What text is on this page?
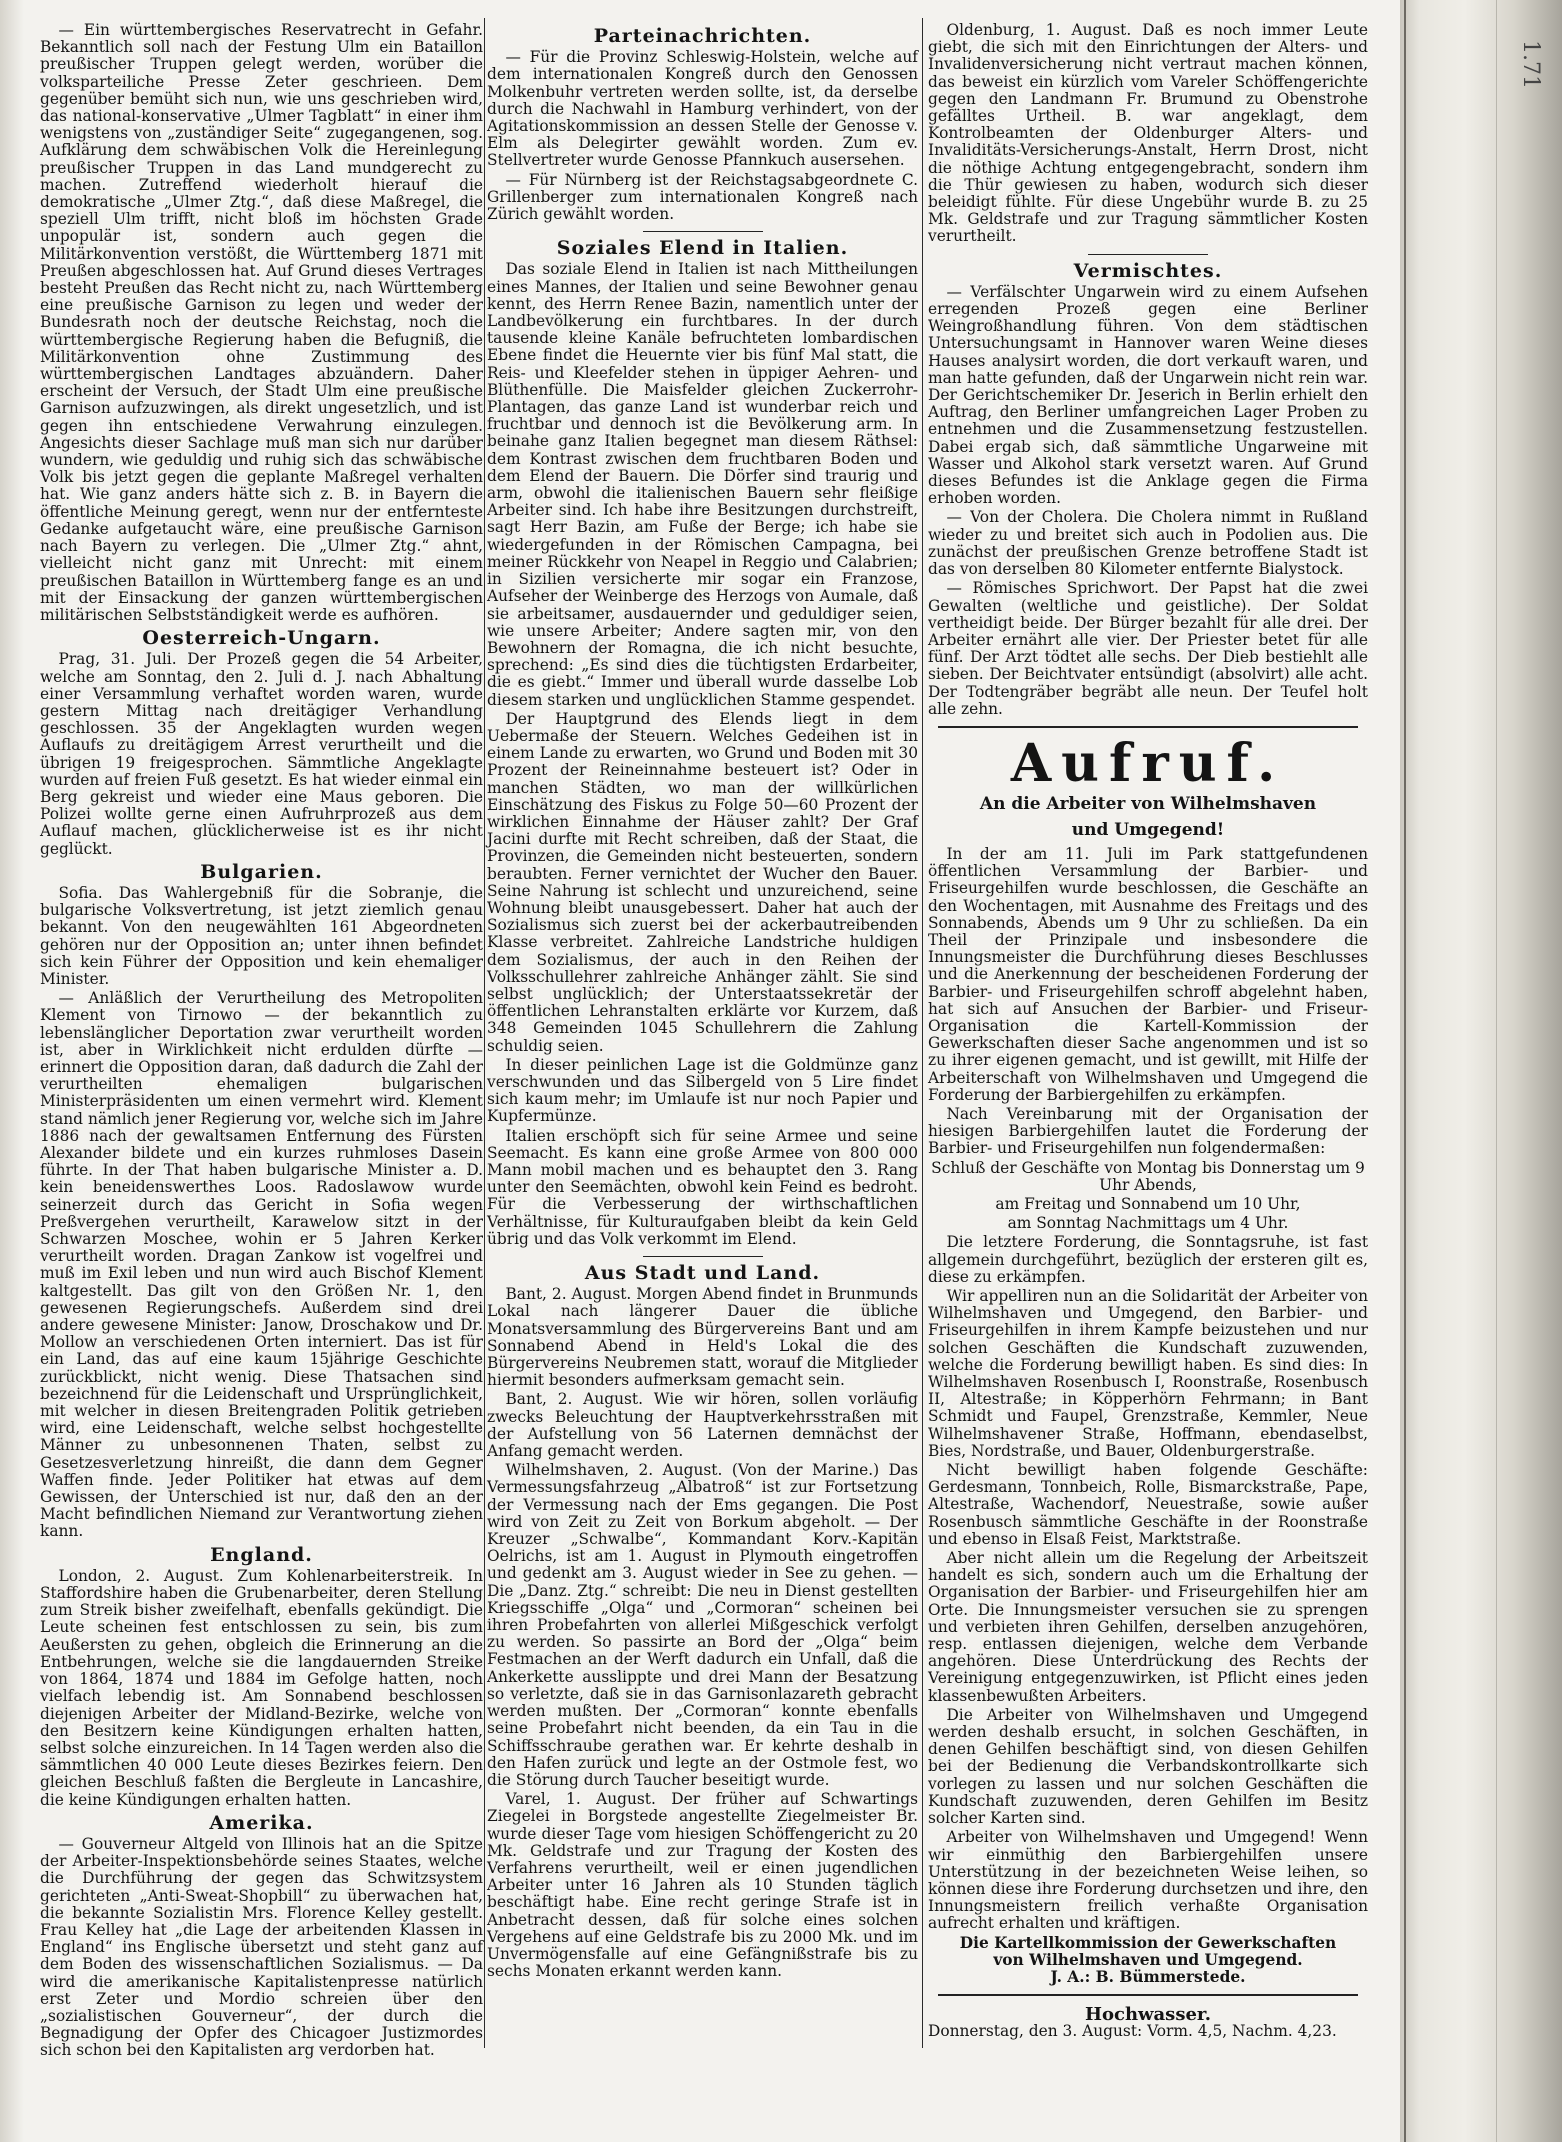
— Ein württembergisches Reservatrecht in Gefahr. Bekanntlich soll nach der Festung Ulm ein Bataillon preußischer Truppen gelegt werden, worüber die volksparteiliche Presse Zeter geschrieen. Dem gegenüber bemüht sich nun, wie uns geschrieben wird, das national-konservative „Ulmer Tagblatt“ in einer ihm wenigstens von „zuständiger Seite“ zugegangenen, sog. Aufklärung dem schwäbischen Volk die Hereinlegung preußischer Truppen in das Land mundgerecht zu machen. Zutreffend wiederholt hierauf die demokratische „Ulmer Ztg.“, daß diese Maßregel, die speziell Ulm trifft, nicht bloß im höchsten Grade unpopulär ist, sondern auch gegen die Militärkonvention verstößt, die Württemberg 1871 mit Preußen abgeschlossen hat. Auf Grund dieses Vertrages besteht Preußen das Recht nicht zu, nach Württemberg eine preußische Garnison zu legen und weder der Bundesrath noch der deutsche Reichstag, noch die württembergische Regierung haben die Befugniß, die Militärkonvention ohne Zustimmung des württembergischen Landtages abzuändern. Daher erscheint der Versuch, der Stadt Ulm eine preußische Garnison aufzuzwingen, als direkt ungesetzlich, und ist gegen ihn entschiedene Verwahrung einzulegen. Angesichts dieser Sachlage muß man sich nur darüber wundern, wie geduldig und ruhig sich das schwäbische Volk bis jetzt gegen die geplante Maßregel verhalten hat. Wie ganz anders hätte sich z. B. in Bayern die öffentliche Meinung geregt, wenn nur der entfernteste Gedanke aufgetaucht wäre, eine preußische Garnison nach Bayern zu verlegen. Die „Ulmer Ztg.“ ahnt, vielleicht nicht ganz mit Unrecht: mit einem preußischen Bataillon in Württemberg fange es an und mit der Einsackung der ganzen württembergischen militärischen Selbstständigkeit werde es aufhören.

Oesterreich-Ungarn.

Prag, 31. Juli. Der Prozeß gegen die 54 Arbeiter, welche am Sonntag, den 2. Juli d. J. nach Abhaltung einer Versammlung verhaftet worden waren, wurde gestern Mittag nach dreitägiger Verhandlung geschlossen. 35 der Angeklagten wurden wegen Auflaufs zu dreitägigem Arrest verurtheilt und die übrigen 19 freigesprochen. Sämmtliche Angeklagte wurden auf freien Fuß gesetzt. Es hat wieder einmal ein Berg gekreist und wieder eine Maus geboren. Die Polizei wollte gerne einen Aufruhrprozeß aus dem Auflauf machen, glücklicherweise ist es ihr nicht geglückt.

Bulgarien.

Sofia. Das Wahlergebniß für die Sobranje, die bulgarische Volksvertretung, ist jetzt ziemlich genau bekannt. Von den neugewählten 161 Abgeordneten gehören nur der Opposition an; unter ihnen befindet sich kein Führer der Opposition und kein ehemaliger Minister.

— Anläßlich der Verurtheilung des Metropoliten Klement von Tirnowo — der bekanntlich zu lebenslänglicher Deportation zwar verurtheilt worden ist, aber in Wirklichkeit nicht erdulden dürfte — erinnert die Opposition daran, daß dadurch die Zahl der verurtheilten ehemaligen bulgarischen Ministerpräsidenten um einen vermehrt wird. Klement stand nämlich jener Regierung vor, welche sich im Jahre 1886 nach der gewaltsamen Entfernung des Fürsten Alexander bildete und ein kurzes ruhmloses Dasein führte. In der That haben bulgarische Minister a. D. kein beneidenswerthes Loos. Radoslawow wurde seinerzeit durch das Gericht in Sofia wegen Preßvergehen verurtheilt, Karawelow sitzt in der Schwarzen Moschee, wohin er 5 Jahren Kerker verurtheilt worden. Dragan Zankow ist vogelfrei und muß im Exil leben und nun wird auch Bischof Klement kaltgestellt. Das gilt von den Größen Nr. 1, den gewesenen Regierungschefs. Außerdem sind drei andere gewesene Minister: Janow, Droschakow und Dr. Mollow an verschiedenen Orten interniert. Das ist für ein Land, das auf eine kaum 15jährige Geschichte zurückblickt, nicht wenig. Diese Thatsachen sind bezeichnend für die Leidenschaft und Ursprünglichkeit, mit welcher in diesen Breitengraden Politik getrieben wird, eine Leidenschaft, welche selbst hochgestellte Männer zu unbesonnenen Thaten, selbst zu Gesetzesverletzung hinreißt, die dann dem Gegner Waffen finde. Jeder Politiker hat etwas auf dem Gewissen, der Unterschied ist nur, daß den an der Macht befindlichen Niemand zur Verantwortung ziehen kann.

England.

London, 2. August. Zum Kohlenarbeiterstreik. In Staffordshire haben die Grubenarbeiter, deren Stellung zum Streik bisher zweifelhaft, ebenfalls gekündigt. Die Leute scheinen fest entschlossen zu sein, bis zum Aeußersten zu gehen, obgleich die Erinnerung an die Entbehrungen, welche sie die langdauernden Streike von 1864, 1874 und 1884 im Gefolge hatten, noch vielfach lebendig ist. Am Sonnabend beschlossen diejenigen Arbeiter der Midland-Bezirke, welche von den Besitzern keine Kündigungen erhalten hatten, selbst solche einzureichen. In 14 Tagen werden also die sämmtlichen 40 000 Leute dieses Bezirkes feiern. Den gleichen Beschluß faßten die Bergleute in Lancashire, die keine Kündigungen erhalten hatten.

Amerika.

— Gouverneur Altgeld von Illinois hat an die Spitze der Arbeiter-Inspektionsbehörde seines Staates, welche die Durchführung der gegen das Schwitzsystem gerichteten „Anti-Sweat-Shopbill“ zu überwachen hat, die bekannte Sozialistin Mrs. Florence Kelley gestellt. Frau Kelley hat „die Lage der arbeitenden Klassen in England“ ins Englische übersetzt und steht ganz auf dem Boden des wissenschaftlichen Sozialismus. — Da wird die amerikanische Kapitalistenpresse natürlich erst Zeter und Mordio schreien über den „sozialistischen Gouverneur“, der durch die Begnadigung der Opfer des Chicagoer Justizmordes sich schon bei den Kapitalisten arg verdorben hat.

Parteinachrichten.

— Für die Provinz Schleswig-Holstein, welche auf dem internationalen Kongreß durch den Genossen Molkenbuhr vertreten werden sollte, ist, da derselbe durch die Nachwahl in Hamburg verhindert, von der Agitationskommission an dessen Stelle der Genosse v. Elm als Delegirter gewählt worden. Zum ev. Stellvertreter wurde Genosse Pfannkuch ausersehen.

— Für Nürnberg ist der Reichstagsabgeordnete C. Grillenberger zum internationalen Kongreß nach Zürich gewählt worden.

Soziales Elend in Italien.

Das soziale Elend in Italien ist nach Mittheilungen eines Mannes, der Italien und seine Bewohner genau kennt, des Herrn Renee Bazin, namentlich unter der Landbevölkerung ein furchtbares. In der durch tausende kleine Kanäle befruchteten lombardischen Ebene findet die Heuernte vier bis fünf Mal statt, die Reis- und Kleefelder stehen in üppiger Aehren- und Blüthenfülle. Die Maisfelder gleichen Zuckerrohr-Plantagen, das ganze Land ist wunderbar reich und fruchtbar und dennoch ist die Bevölkerung arm. In beinahe ganz Italien begegnet man diesem Räthsel: dem Kontrast zwischen dem fruchtbaren Boden und dem Elend der Bauern. Die Dörfer sind traurig und arm, obwohl die italienischen Bauern sehr fleißige Arbeiter sind. Ich habe ihre Besitzungen durchstreift, sagt Herr Bazin, am Fuße der Berge; ich habe sie wiedergefunden in der Römischen Campagna, bei meiner Rückkehr von Neapel in Reggio und Calabrien; in Sizilien versicherte mir sogar ein Franzose, Aufseher der Weinberge des Herzogs von Aumale, daß sie arbeitsamer, ausdauernder und geduldiger seien, wie unsere Arbeiter; Andere sagten mir, von den Bewohnern der Romagna, die ich nicht besuchte, sprechend: „Es sind dies die tüchtigsten Erdarbeiter, die es giebt.“ Immer und überall wurde dasselbe Lob diesem starken und unglücklichen Stamme gespendet.

Der Hauptgrund des Elends liegt in dem Uebermaße der Steuern. Welches Gedeihen ist in einem Lande zu erwarten, wo Grund und Boden mit 30 Prozent der Reineinnahme besteuert ist? Oder in manchen Städten, wo man der willkürlichen Einschätzung des Fiskus zu Folge 50—60 Prozent der wirklichen Einnahme der Häuser zahlt? Der Graf Jacini durfte mit Recht schreiben, daß der Staat, die Provinzen, die Gemeinden nicht besteuerten, sondern beraubten. Ferner vernichtet der Wucher den Bauer. Seine Nahrung ist schlecht und unzureichend, seine Wohnung bleibt unausgebessert. Daher hat auch der Sozialismus sich zuerst bei der ackerbautreibenden Klasse verbreitet. Zahlreiche Landstriche huldigen dem Sozialismus, der auch in den Reihen der Volksschullehrer zahlreiche Anhänger zählt. Sie sind selbst unglücklich; der Unterstaatssekretär der öffentlichen Lehranstalten erklärte vor Kurzem, daß 348 Gemeinden 1045 Schullehrern die Zahlung schuldig seien.

In dieser peinlichen Lage ist die Goldmünze ganz verschwunden und das Silbergeld von 5 Lire findet sich kaum mehr; im Umlaufe ist nur noch Papier und Kupfermünze.

Italien erschöpft sich für seine Armee und seine Seemacht. Es kann eine große Armee von 800 000 Mann mobil machen und es behauptet den 3. Rang unter den Seemächten, obwohl kein Feind es bedroht. Für die Verbesserung der wirthschaftlichen Verhältnisse, für Kulturaufgaben bleibt da kein Geld übrig und das Volk verkommt im Elend.

Aus Stadt und Land.

Bant, 2. August. Morgen Abend findet in Brunmunds Lokal nach längerer Dauer die übliche Monatsversammlung des Bürgervereins Bant und am Sonnabend Abend in Held's Lokal die des Bürgervereins Neubremen statt, worauf die Mitglieder hiermit besonders aufmerksam gemacht sein.

Bant, 2. August. Wie wir hören, sollen vorläufig zwecks Beleuchtung der Hauptverkehrsstraßen mit der Aufstellung von 56 Laternen demnächst der Anfang gemacht werden.

Wilhelmshaven, 2. August. (Von der Marine.) Das Vermessungsfahrzeug „Albatroß“ ist zur Fortsetzung der Vermessung nach der Ems gegangen. Die Post wird von Zeit zu Zeit von Borkum abgeholt. — Der Kreuzer „Schwalbe“, Kommandant Korv.-Kapitän Oelrichs, ist am 1. August in Plymouth eingetroffen und gedenkt am 3. August wieder in See zu gehen. — Die „Danz. Ztg.“ schreibt: Die neu in Dienst gestellten Kriegsschiffe „Olga“ und „Cormoran“ scheinen bei ihren Probefahrten von allerlei Mißgeschick verfolgt zu werden. So passirte an Bord der „Olga“ beim Festmachen an der Werft dadurch ein Unfall, daß die Ankerkette ausslippte und drei Mann der Besatzung so verletzte, daß sie in das Garnisonlazareth gebracht werden mußten. Der „Cormoran“ konnte ebenfalls seine Probefahrt nicht beenden, da ein Tau in die Schiffsschraube gerathen war. Er kehrte deshalb in den Hafen zurück und legte an der Ostmole fest, wo die Störung durch Taucher beseitigt wurde.

Varel, 1. August. Der früher auf Schwartings Ziegelei in Borgstede angestellte Ziegelmeister Br. wurde dieser Tage vom hiesigen Schöffengericht zu 20 Mk. Geldstrafe und zur Tragung der Kosten des Verfahrens verurtheilt, weil er einen jugendlichen Arbeiter unter 16 Jahren als 10 Stunden täglich beschäftigt habe. Eine recht geringe Strafe ist in Anbetracht dessen, daß für solche eines solchen Vergehens auf eine Geldstrafe bis zu 2000 Mk. und im Unvermögensfalle auf eine Gefängnißstrafe bis zu sechs Monaten erkannt werden kann.

Oldenburg, 1. August. Daß es noch immer Leute giebt, die sich mit den Einrichtungen der Alters- und Invalidenversicherung nicht vertraut machen können, das beweist ein kürzlich vom Vareler Schöffengerichte gegen den Landmann Fr. Brumund zu Obenstrohe gefälltes Urtheil. B. war angeklagt, dem Kontrolbeamten der Oldenburger Alters- und Invaliditäts-Versicherungs-Anstalt, Herrn Drost, nicht die nöthige Achtung entgegengebracht, sondern ihm die Thür gewiesen zu haben, wodurch sich dieser beleidigt fühlte. Für diese Ungebühr wurde B. zu 25 Mk. Geldstrafe und zur Tragung sämmtlicher Kosten verurtheilt.

Vermischtes.

— Verfälschter Ungarwein wird zu einem Aufsehen erregenden Prozeß gegen eine Berliner Weingroßhandlung führen. Von dem städtischen Untersuchungsamt in Hannover waren Weine dieses Hauses analysirt worden, die dort verkauft waren, und man hatte gefunden, daß der Ungarwein nicht rein war. Der Gerichtschemiker Dr. Jeserich in Berlin erhielt den Auftrag, den Berliner umfangreichen Lager Proben zu entnehmen und die Zusammensetzung festzustellen. Dabei ergab sich, daß sämmtliche Ungarweine mit Wasser und Alkohol stark versetzt waren. Auf Grund dieses Befundes ist die Anklage gegen die Firma erhoben worden.

— Von der Cholera. Die Cholera nimmt in Rußland wieder zu und breitet sich auch in Podolien aus. Die zunächst der preußischen Grenze betroffene Stadt ist das von derselben 80 Kilometer entfernte Bialystock.

— Römisches Sprichwort. Der Papst hat die zwei Gewalten (weltliche und geistliche). Der Soldat vertheidigt beide. Der Bürger bezahlt für alle drei. Der Arbeiter ernährt alle vier. Der Priester betet für alle fünf. Der Arzt tödtet alle sechs. Der Dieb bestiehlt alle sieben. Der Beichtvater entsündigt (absolvirt) alle acht. Der Todtengräber begräbt alle neun. Der Teufel holt alle zehn.

Aufruf.
An die Arbeiter von Wilhelmshaven
und Umgegend!

In der am 11. Juli im Park stattgefundenen öffentlichen Versammlung der Barbier- und Friseurgehilfen wurde beschlossen, die Geschäfte an den Wochentagen, mit Ausnahme des Freitags und des Sonnabends, Abends um 9 Uhr zu schließen. Da ein Theil der Prinzipale und insbesondere die Innungsmeister die Durchführung dieses Beschlusses und die Anerkennung der bescheidenen Forderung der Barbier- und Friseurgehilfen schroff abgelehnt haben, hat sich auf Ansuchen der Barbier- und Friseur-Organisation die Kartell-Kommission der Gewerkschaften dieser Sache angenommen und ist so zu ihrer eigenen gemacht, und ist gewillt, mit Hilfe der Arbeiterschaft von Wilhelmshaven und Umgegend die Forderung der Barbiergehilfen zu erkämpfen.

Nach Vereinbarung mit der Organisation der hiesigen Barbiergehilfen lautet die Forderung der Barbier- und Friseurgehilfen nun folgendermaßen:

Schluß der Geschäfte von Montag bis Donnerstag um 9 Uhr Abends,

am Freitag und Sonnabend um 10 Uhr,

am Sonntag Nachmittags um 4 Uhr.

Die letztere Forderung, die Sonntagsruhe, ist fast allgemein durchgeführt, bezüglich der ersteren gilt es, diese zu erkämpfen.

Wir appelliren nun an die Solidarität der Arbeiter von Wilhelmshaven und Umgegend, den Barbier- und Friseurgehilfen in ihrem Kampfe beizustehen und nur solchen Geschäften die Kundschaft zuzuwenden, welche die Forderung bewilligt haben. Es sind dies: In Wilhelmshaven Rosenbusch I, Roonstraße, Rosenbusch II, Altestraße; in Köpperhörn Fehrmann; in Bant Schmidt und Faupel, Grenzstraße, Kemmler, Neue Wilhelmshavener Straße, Hoffmann, ebendaselbst, Bies, Nordstraße, und Bauer, Oldenburgerstraße.

Nicht bewilligt haben folgende Geschäfte: Gerdesmann, Tonnbeich, Rolle, Bismarckstraße, Pape, Altestraße, Wachendorf, Neuestraße, sowie außer Rosenbusch sämmtliche Geschäfte in der Roonstraße und ebenso in Elsaß Feist, Marktstraße.

Aber nicht allein um die Regelung der Arbeitszeit handelt es sich, sondern auch um die Erhaltung der Organisation der Barbier- und Friseurgehilfen hier am Orte. Die Innungsmeister versuchen sie zu sprengen und verbieten ihren Gehilfen, derselben anzugehören, resp. entlassen diejenigen, welche dem Verbande angehören. Diese Unterdrückung des Rechts der Vereinigung entgegenzuwirken, ist Pflicht eines jeden klassenbewußten Arbeiters.

Die Arbeiter von Wilhelmshaven und Umgegend werden deshalb ersucht, in solchen Geschäften, in denen Gehilfen beschäftigt sind, von diesen Gehilfen bei der Bedienung die Verbandskontrollkarte sich vorlegen zu lassen und nur solchen Geschäften die Kundschaft zuzuwenden, deren Gehilfen im Besitz solcher Karten sind.

Arbeiter von Wilhelmshaven und Umgegend! Wenn wir einmüthig den Barbiergehilfen unsere Unterstützung in der bezeichneten Weise leihen, so können diese ihre Forderung durchsetzen und ihre, den Innungsmeistern freilich verhaßte Organisation aufrecht erhalten und kräftigen.

Die Kartellkommission der Gewerkschaften
von Wilhelmshaven und Umgegend.
J. A.: B. Bümmerstede.
Hochwasser.

Donnerstag, den 3. August: Vorm. 4,5, Nachm. 4,23.

1.71
